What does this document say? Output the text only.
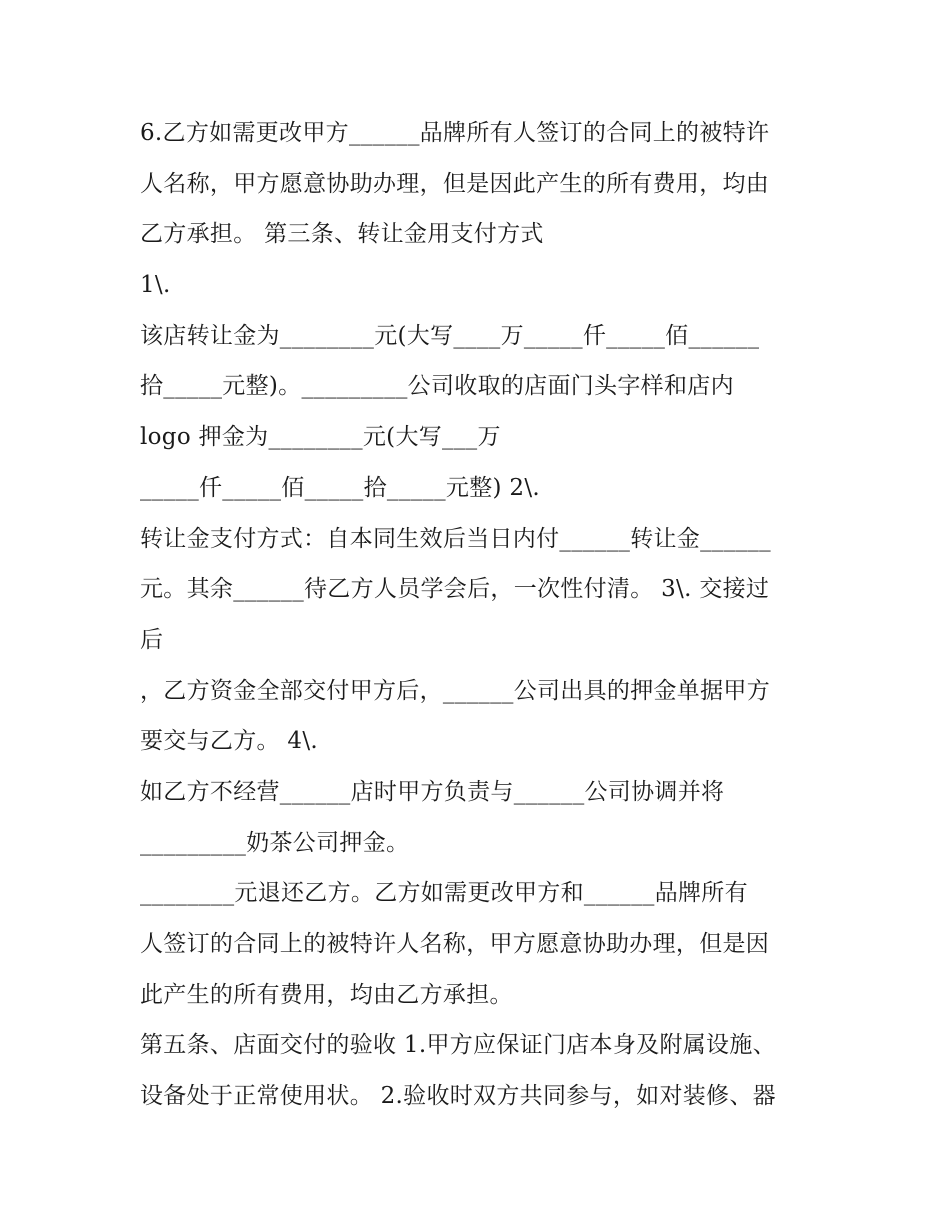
6.乙方如需更改甲方______品牌所有人签订的合同上的被特许
人名称，甲方愿意协助办理，但是因此产生的所有费用，均由
乙方承担。 第三条、转让金用支付方式
1\.
该店转让金为________元(大写____万_____仟_____佰______
拾_____元整)。_________公司收取的店面门头字样和店内
logo 押金为________元(大写___万
_____仟_____佰_____拾_____元整) 2\.
转让金支付方式：自本同生效后当日内付______转让金______
元。其余______待乙方人员学会后，一次性付清。 3\. 交接过
后
，乙方资金全部交付甲方后，______公司出具的押金单据甲方
要交与乙方。 4\.
如乙方不经营______店时甲方负责与______公司协调并将
_________奶茶公司押金。
________元退还乙方。乙方如需更改甲方和______品牌所有
人签订的合同上的被特许人名称，甲方愿意协助办理，但是因
此产生的所有费用，均由乙方承担。
第五条、店面交付的验收 1.甲方应保证门店本身及附属设施、
设备处于正常使用状。 2.验收时双方共同参与，如对装修、器
